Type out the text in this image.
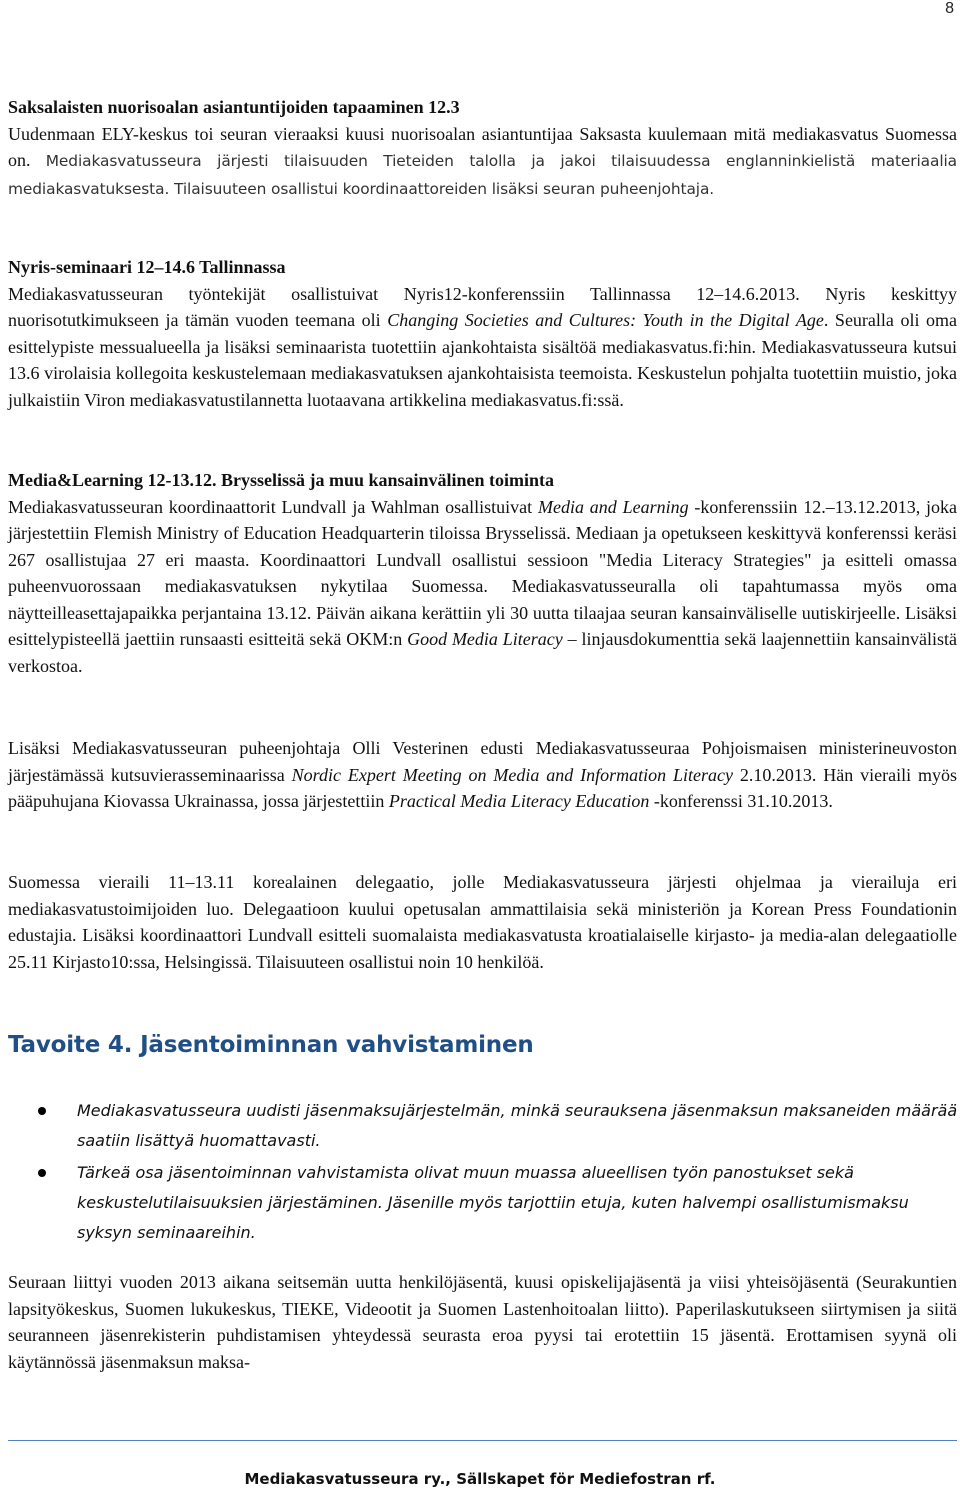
8
Saksalaisten nuorisoalan asiantuntijoiden tapaaminen 12.3
Uudenmaan ELY-keskus toi seuran vieraaksi kuusi nuorisoalan asiantuntijaa Saksasta kuulemaan mitä mediakasvatus Suomessa on. Mediakasvatusseura järjesti tilaisuuden Tieteiden talolla ja jakoi tilaisuudessa englanninkielistä materiaalia mediakasvatuksesta. Tilaisuuteen osallistui koordinaattoreiden lisäksi seuran puheenjohtaja.
Nyris-seminaari 12–14.6 Tallinnassa
Mediakasvatusseuran työntekijät osallistuivat Nyris12-konferenssiin Tallinnassa 12–14.6.2013. Nyris keskittyy nuorisotutkimukseen ja tämän vuoden teemana oli Changing Societies and Cultures: Youth in the Digital Age. Seuralla oli oma esittelypiste messualueella ja lisäksi seminaarista tuotettiin ajankohtaista sisältöä mediakasvatus.fi:hin. Mediakasvatusseura kutsui 13.6 virolaisia kollegoita keskustelemaan mediakasvatuksen ajankohtaisista teemoista. Keskustelun pohjalta tuotettiin muistio, joka julkaistiin Viron mediakasvatustilannetta luotaavana artikkelina mediakasvatus.fi:ssä.
Media&Learning 12-13.12. Brysselissä ja muu kansainvälinen toiminta
Mediakasvatusseuran koordinaattorit Lundvall ja Wahlman osallistuivat Media and Learning -konferenssiin 12.–13.12.2013, joka järjestettiin Flemish Ministry of Education Headquarterin tiloissa Brysselissä. Mediaan ja opetukseen keskittyvä konferenssi keräsi 267 osallistujaa 27 eri maasta. Koordinaattori Lundvall osallistui sessioon "Media Literacy Strategies" ja esitteli omassa puheenvuorossaan mediakasvatuksen nykytilaa Suomessa. Mediakasvatusseuralla oli tapahtumassa myös oma näytteilleasettajapaikka perjantaina 13.12. Päivän aikana kerättiin yli 30 uutta tilaajaa seuran kansainväliselle uutiskirjeelle. Lisäksi esittelypisteellä jaettiin runsaasti esitteitä sekä OKM:n Good Media Literacy – linjausdokumenttia sekä laajennettiin kansainvälistä verkostoa.
Lisäksi Mediakasvatusseuran puheenjohtaja Olli Vesterinen edusti Mediakasvatusseuraa Pohjoismaisen ministerineuvoston järjestämässä kutsuvierasseminaarissa Nordic Expert Meeting on Media and Information Literacy 2.10.2013. Hän vieraili myös pääpuhujana Kiovassa Ukrainassa, jossa järjestettiin Practical Media Literacy Education -konferenssi 31.10.2013.
Suomessa vieraili 11–13.11 korealainen delegaatio, jolle Mediakasvatusseura järjesti ohjelmaa ja vierailuja eri mediakasvatustoimijoiden luo. Delegaatioon kuului opetusalan ammattilaisia sekä ministeriön ja Korean Press Foundationin edustajia. Lisäksi koordinaattori Lundvall esitteli suomalaista mediakasvatusta kroatialaiselle kirjasto- ja media-alan delegaatiolle 25.11 Kirjasto10:ssa, Helsingissä. Tilaisuuteen osallistui noin 10 henkilöä.
Tavoite 4. Jäsentoiminnan vahvistaminen
Mediakasvatusseura uudisti jäsenmaksujärjestelmän, minkä seurauksena jäsenmaksun maksaneiden määrää saatiin lisättyä huomattavasti.
Tärkeä osa jäsentoiminnan vahvistamista olivat muun muassa alueellisen työn panostukset sekä keskustelutilaisuuksien järjestäminen. Jäsenille myös tarjottiin etuja, kuten halvempi osallistumismaksu syksyn seminaareihin.
Seuraan liittyi vuoden 2013 aikana seitsemän uutta henkilöjäsentä, kuusi opiskelijajäsentä ja viisi yhteisöjäsentä (Seurakuntien lapsityökeskus, Suomen lukukeskus, TIEKE, Videootit ja Suomen Lastenhoitoalan liitto). Paperilaskutukseen siirtymisen ja siitä seuranneen jäsenrekisterin puhdistamisen yhteydessä seurasta eroa pyysi tai erotettiin 15 jäsentä. Erottamisen syynä oli käytännössä jäsenmaksun maksa-

Mediakasvatusseura ry., Sällskapet för Mediefostran rf.
